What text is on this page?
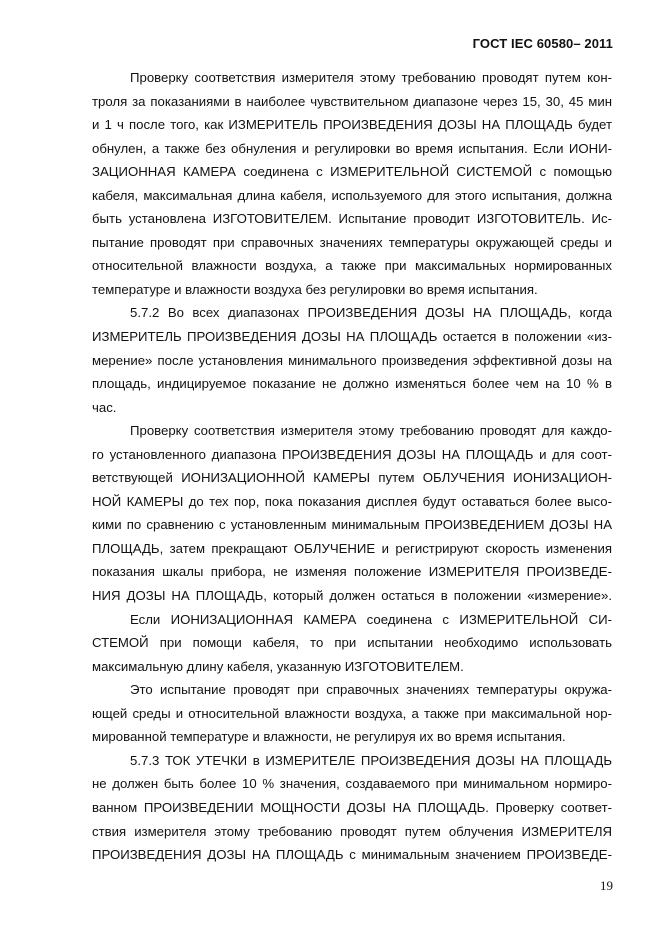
ГОСТ IEC 60580– 2011
Проверку соответствия измерителя этому требованию проводят путем кон-
троля за показаниями в наиболее чувствительном диапазоне через 15, 30, 45 мин
и 1 ч после того, как ИЗМЕРИТЕЛЬ ПРОИЗВЕДЕНИЯ ДОЗЫ НА ПЛОЩАДЬ будет
обнулен, а также без обнуления и регулировки во время испытания. Если ИОНИ-
ЗАЦИОННАЯ КАМЕРА соединена с ИЗМЕРИТЕЛЬНОЙ СИСТЕМОЙ с помощью
кабеля, максимальная длина кабеля, используемого для этого испытания, должна
быть установлена ИЗГОТОВИТЕЛЕМ. Испытание проводит ИЗГОТОВИТЕЛЬ. Ис-
пытание проводят при справочных значениях температуры окружающей среды и
относительной влажности воздуха, а также при максимальных нормированных
температуре и влажности воздуха без регулировки во время испытания.
5.7.2 Во всех диапазонах ПРОИЗВЕДЕНИЯ ДОЗЫ НА ПЛОЩАДЬ, когда
ИЗМЕРИТЕЛЬ ПРОИЗВЕДЕНИЯ ДОЗЫ НА ПЛОЩАДЬ остается в положении «из-
мерение» после установления минимального произведения эффективной дозы на
площадь, индицируемое показание не должно изменяться более чем на 10 % в
час.
Проверку соответствия измерителя этому требованию проводят для каждо-
го установленного диапазона ПРОИЗВЕДЕНИЯ ДОЗЫ НА ПЛОЩАДЬ и для соот-
ветствующей ИОНИЗАЦИОННОЙ КАМЕРЫ путем ОБЛУЧЕНИЯ ИОНИЗАЦИОН-
НОЙ КАМЕРЫ до тех пор, пока показания дисплея будут оставаться более высо-
кими по сравнению с установленным минимальным ПРОИЗВЕДЕНИЕМ ДОЗЫ НА
ПЛОЩАДЬ, затем прекращают ОБЛУЧЕНИЕ и регистрируют скорость изменения
показания шкалы прибора, не изменяя положение ИЗМЕРИТЕЛЯ ПРОИЗВЕДЕ-
НИЯ ДОЗЫ НА ПЛОЩАДЬ, который должен остаться в положении «измерение».
Если ИОНИЗАЦИОННАЯ КАМЕРА соединена с ИЗМЕРИТЕЛЬНОЙ СИ-
СТЕМОЙ при помощи кабеля, то при испытании необходимо использовать
максимальную длину кабеля, указанную ИЗГОТОВИТЕЛЕМ.
Это испытание проводят при справочных значениях температуры окружа-
ющей среды и относительной влажности воздуха, а также при максимальной нор-
мированной температуре и влажности, не регулируя их во время испытания.
5.7.3 ТОК УТЕЧКИ в ИЗМЕРИТЕЛЕ ПРОИЗВЕДЕНИЯ ДОЗЫ НА ПЛОЩАДЬ
не должен быть более 10 % значения, создаваемого при минимальном нормиро-
ванном ПРОИЗВЕДЕНИИ МОЩНОСТИ ДОЗЫ НА ПЛОЩАДЬ. Проверку соответ-
ствия измерителя этому требованию проводят путем облучения ИЗМЕРИТЕЛЯ
ПРОИЗВЕДЕНИЯ ДОЗЫ НА ПЛОЩАДЬ с минимальным значением ПРОИЗВЕДЕ-
19
